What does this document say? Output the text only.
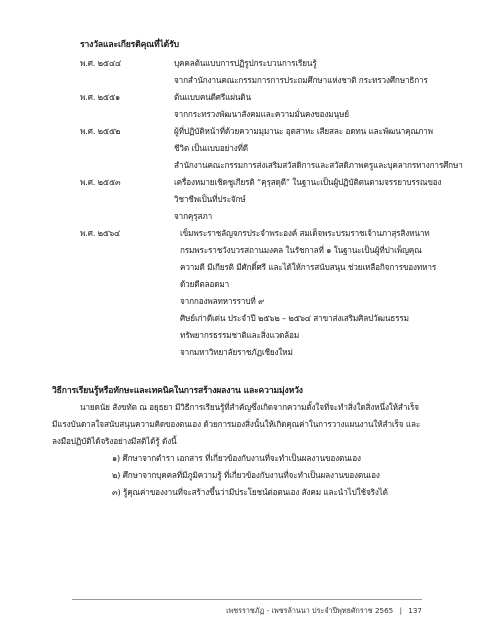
รางวัลและเกียรติคุณที่ได้รับ
พ.ศ. ๒๕๔๔	บุคคลต้นแบบการปฏิรูปกระบวนการเรียนรู้
จากสำนักงานคณะกรรมการการประถมศึกษาแห่งชาติ กระทรวงศึกษาธิการ
พ.ศ. ๒๕๕๑	ต้นแบบคนดีศรีแผ่นดิน
จากกระทรวงพัฒนาสังคมและความมั่นคงของมนุษย์
พ.ศ. ๒๕๕๒	ผู้ที่ปฏิบัติหน้าที่ด้วยความมุมานะ อุตสาหะ เสียสละ อดทน และพัฒนาคุณภาพ
ชีวิต เป็นแบบอย่างที่ดี
สำนักงานคณะกรรมการส่งเสริมสวัสดิการและสวัสดิภาพครูและบุคลากรทางการศึกษา
พ.ศ. ๒๕๕๓	เครื่องหมายเชิดชูเกียรติ “คุรุสดุดี” ในฐานะเป็นผู้ปฏิบัติตนตามจรรยาบรรณของ
วิชาชีพเป็นที่ประจักษ์
จากคุรุสภา
พ.ศ. ๒๕๖๔	เข็มพระราชลัญจกรประจำพระองค์ สมเด็จพระบรมราชเจ้านภาสุรสิงหนาท
กรมพระราชวังบวรสถานมงคล ในรัชกาลที่ ๑ ในฐานะเป็นผู้ที่ปาเพ็ญคุณ
ความดี มีเกียรติ มีศักดิ์ศรี และได้ให้การสนับสนุน ช่วยเหลือกิจการของทหาร
ด้วยดีตลอดมา
จากกองพลทหารราบที่ ๙
ศิษย์เก่าดีเด่น ประจำปี ๒๕๖๒ – ๒๕๖๔ สาขาส่งเสริมศิลปวัฒนธรรม
ทรัพยากรธรรมชาติและสิ่งแวดล้อม
จากมหาวิทยาลัยราชภัฏเชียงใหม่
วิธีการเรียนรู้หรือทักษะและเทคนิคในการสร้างผลงาน และความมุ่งหวัง
นายดนัย สังขทัต ณ อยุธยา มีวิธีการเรียนรู้ที่สำคัญซึ่งเกิดจากความตั้งใจที่จะทำสิ่งใดสิ่งหนึ่งให้สำเร็จ
มีแรงบันดาลใจสนับสนุนความคิดของตนเอง ด้วยการมองสิ่งนั้นให้เกิดคุณค่าในการวางแผนงานให้สำเร็จ และ
ลงมือปฏิบัติได้จริงอย่างมีสติได้รู้ ดังนี้
๑) ศึกษาจากตำรา เอกสาร ที่เกี่ยวข้องกับงานที่จะทำเป็นผลงานของตนเอง
๒) ศึกษาจากบุคคลที่มีภูมิความรู้ ที่เกี่ยวข้องกับงานที่จะทำเป็นผลงานของตนเอง
๓) รู้คุณค่าของงานที่จะสร้างขึ้นว่ามีประโยชน์ต่อตนเอง สังคม และนำไปใช้จริงได้
เพชรราชภัฏ - เพชรล้านนา ประจำปีพุทธศักราช 2565 | 137
